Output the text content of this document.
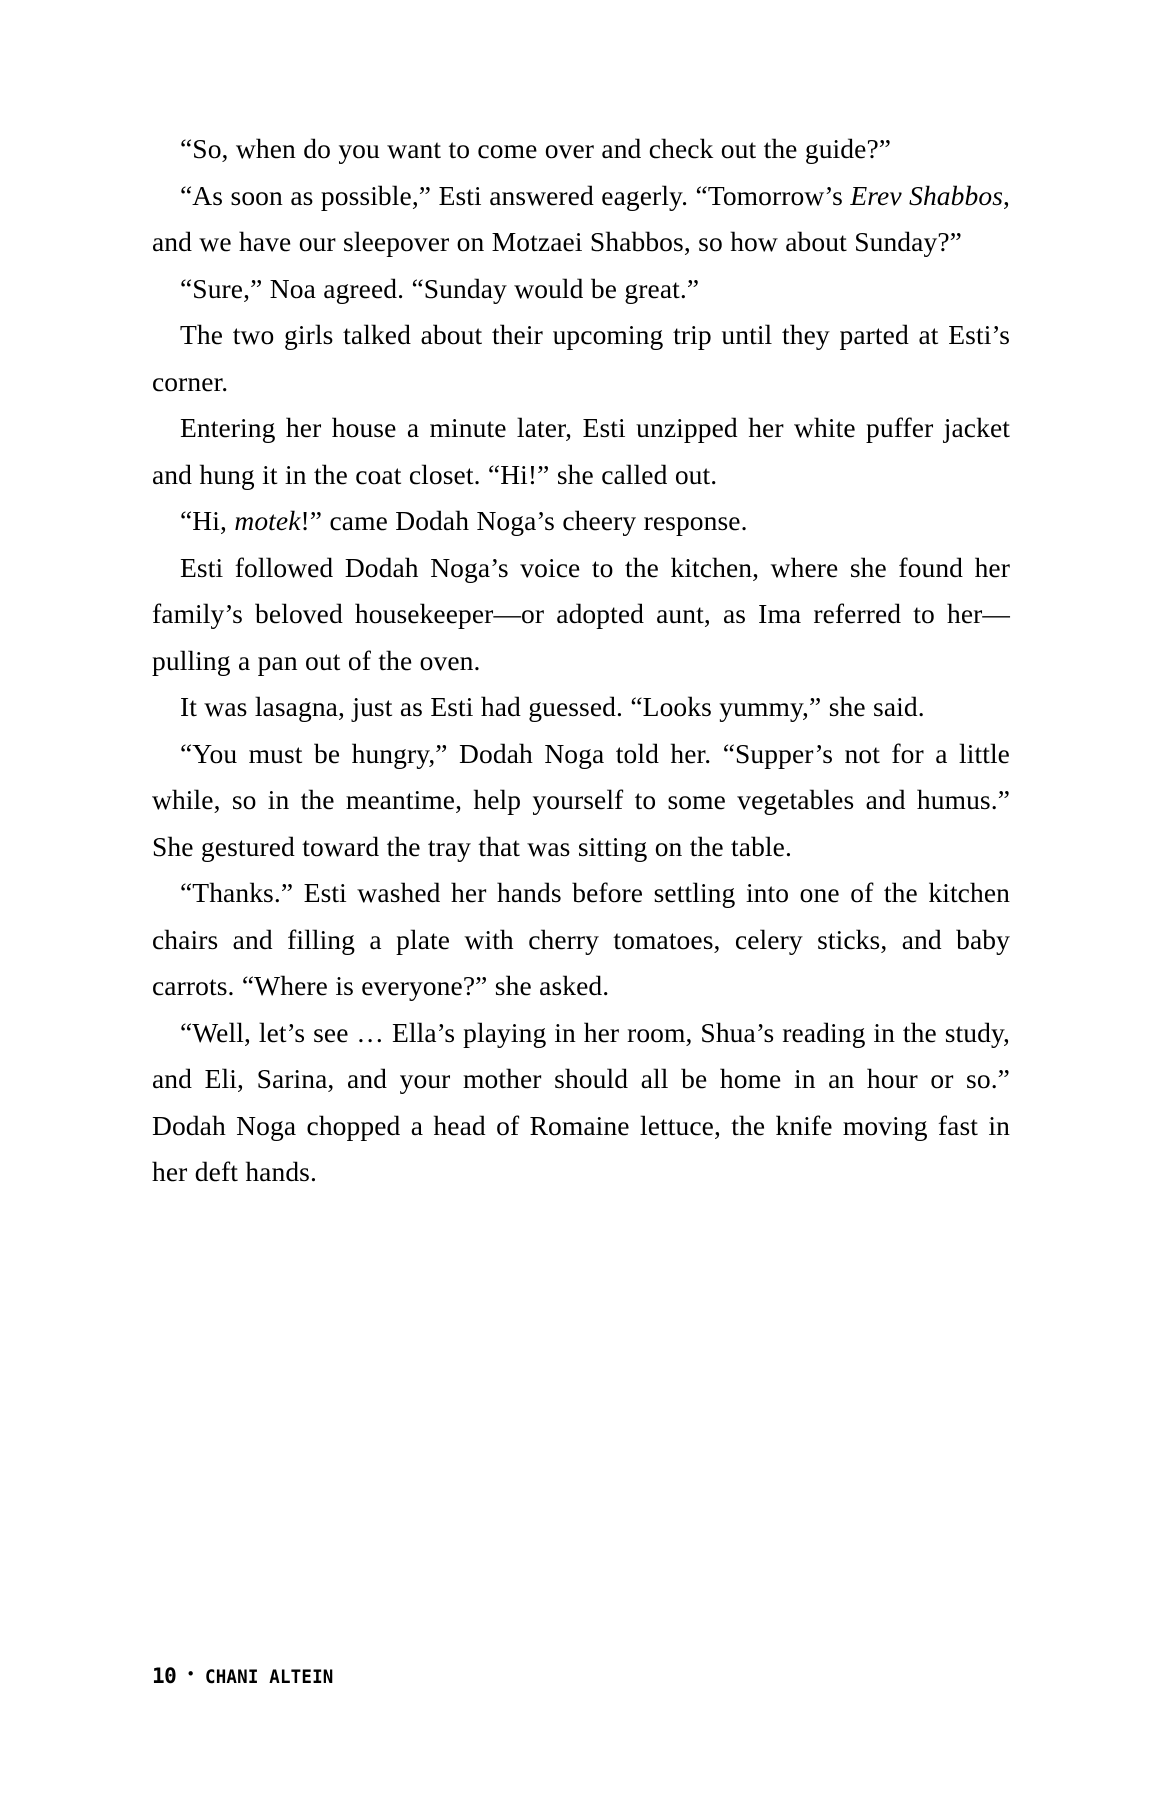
“So, when do you want to come over and check out the guide?”

“As soon as possible,” Esti answered eagerly. “Tomorrow’s Erev Shabbos, and we have our sleepover on Motzaei Shabbos, so how about Sunday?”

“Sure,” Noa agreed. “Sunday would be great.”

The two girls talked about their upcoming trip until they parted at Esti’s corner.

Entering her house a minute later, Esti unzipped her white puffer jacket and hung it in the coat closet. “Hi!” she called out.

“Hi, motek!” came Dodah Noga’s cheery response.

Esti followed Dodah Noga’s voice to the kitchen, where she found her family’s beloved housekeeper—or adopted aunt, as Ima referred to her—pulling a pan out of the oven.

It was lasagna, just as Esti had guessed. “Looks yummy,” she said.

“You must be hungry,” Dodah Noga told her. “Supper’s not for a little while, so in the meantime, help yourself to some vegetables and humus.” She gestured toward the tray that was sitting on the table.

“Thanks.” Esti washed her hands before settling into one of the kitchen chairs and filling a plate with cherry tomatoes, celery sticks, and baby carrots. “Where is everyone?” she asked.

“Well, let’s see … Ella’s playing in her room, Shua’s reading in the study, and Eli, Sarina, and your mother should all be home in an hour or so.” Dodah Noga chopped a head of Romaine lettuce, the knife moving fast in her deft hands.

10 • CHANI ALTEIN
